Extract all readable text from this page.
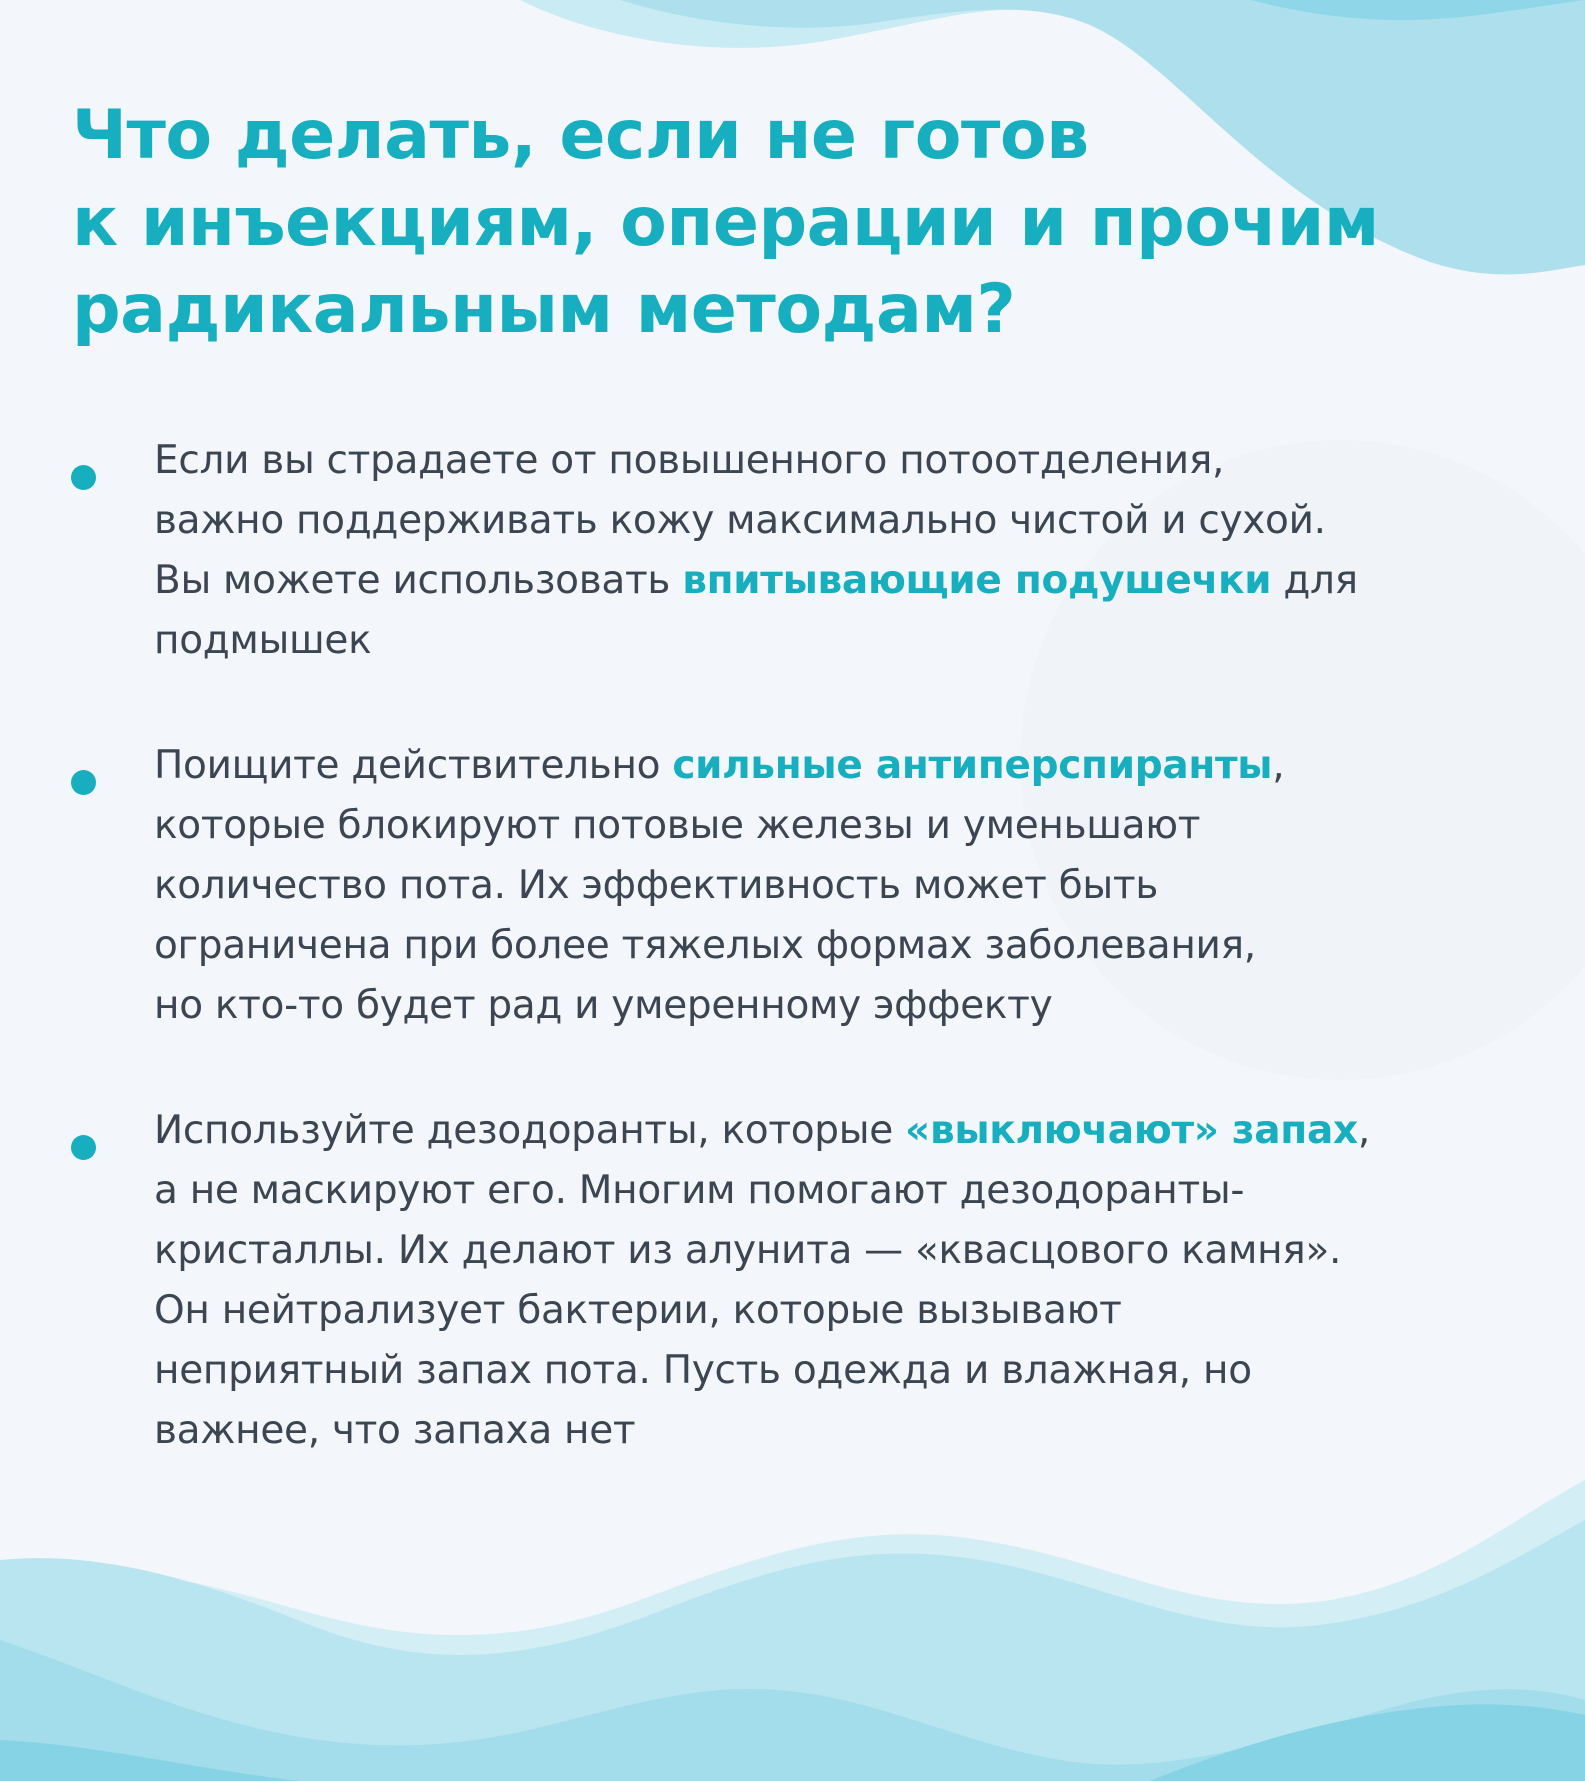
Что делать, если не готов
к инъекциям, операции и прочим
радикальным методам?
Если вы страдаете от повышенного потоотделения,
важно поддерживать кожу максимально чистой и сухой.
Вы можете использовать впитывающие подушечки для
подмышек
Поищите действительно сильные антиперспиранты,
которые блокируют потовые железы и уменьшают
количество пота. Их эффективность может быть
ограничена при более тяжелых формах заболевания,
но кто-то будет рад и умеренному эффекту
Используйте дезодоранты, которые «выключают» запах,
а не маскируют его. Многим помогают дезодоранты-
кристаллы. Их делают из алунита — «квасцового камня».
Он нейтрализует бактерии, которые вызывают
неприятный запах пота. Пусть одежда и влажная, но
важнее, что запаха нет
